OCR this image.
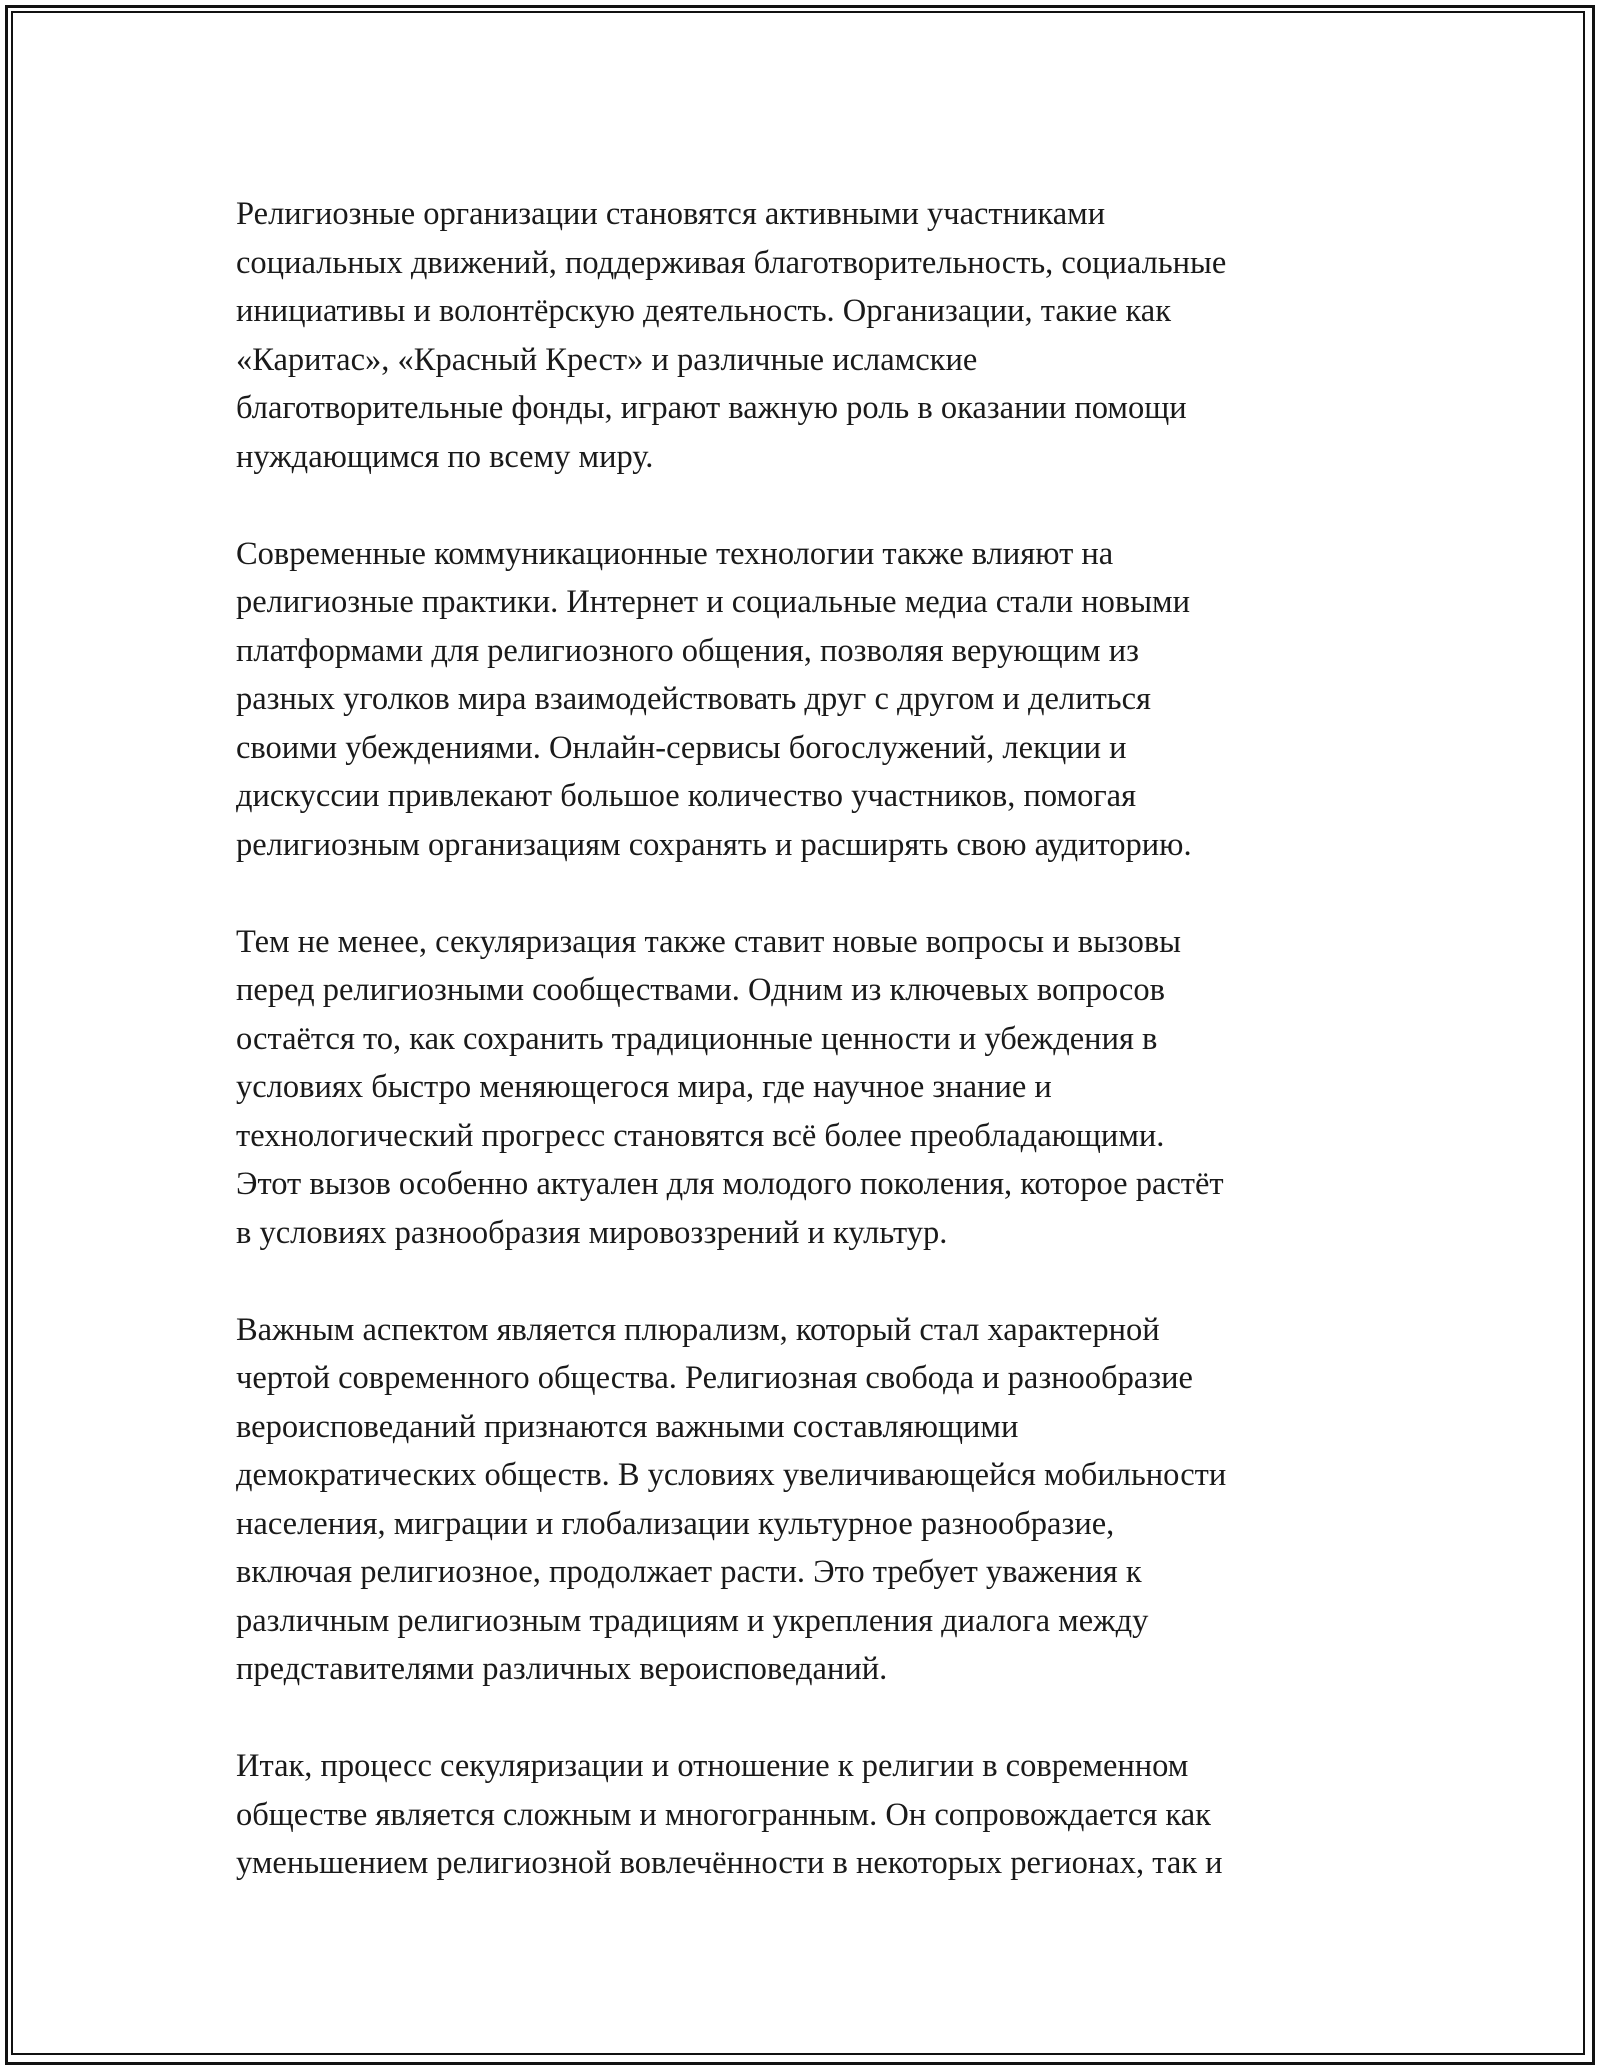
Религиозные организации становятся активными участниками
социальных движений, поддерживая благотворительность, социальные
инициативы и волонтёрскую деятельность. Организации, такие как
«Каритас», «Красный Крест» и различные исламские
благотворительные фонды, играют важную роль в оказании помощи
нуждающимся по всему миру.

Современные коммуникационные технологии также влияют на
религиозные практики. Интернет и социальные медиа стали новыми
платформами для религиозного общения, позволяя верующим из
разных уголков мира взаимодействовать друг с другом и делиться
своими убеждениями. Онлайн-сервисы богослужений, лекции и
дискуссии привлекают большое количество участников, помогая
религиозным организациям сохранять и расширять свою аудиторию.

Тем не менее, секуляризация также ставит новые вопросы и вызовы
перед религиозными сообществами. Одним из ключевых вопросов
остаётся то, как сохранить традиционные ценности и убеждения в
условиях быстро меняющегося мира, где научное знание и
технологический прогресс становятся всё более преобладающими.
Этот вызов особенно актуален для молодого поколения, которое растёт
в условиях разнообразия мировоззрений и культур.

Важным аспектом является плюрализм, который стал характерной
чертой современного общества. Религиозная свобода и разнообразие
вероисповеданий признаются важными составляющими
демократических обществ. В условиях увеличивающейся мобильности
населения, миграции и глобализации культурное разнообразие,
включая религиозное, продолжает расти. Это требует уважения к
различным религиозным традициям и укрепления диалога между
представителями различных вероисповеданий.

Итак, процесс секуляризации и отношение к религии в современном
обществе является сложным и многогранным. Он сопровождается как
уменьшением религиозной вовлечённости в некоторых регионах, так и
